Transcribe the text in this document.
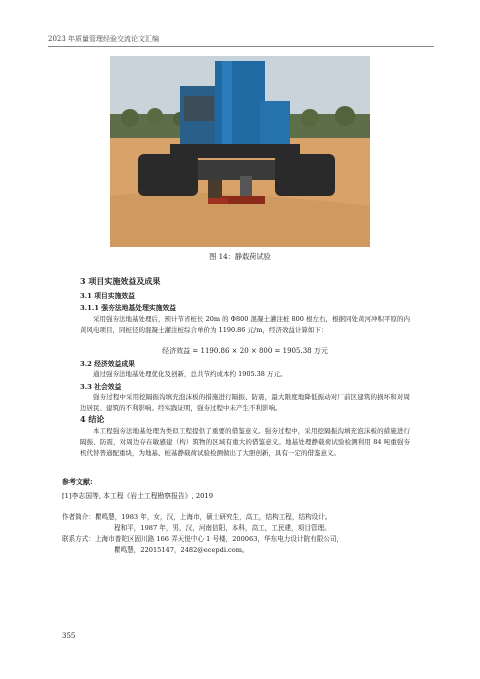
2023 年质量管理经验交流论文汇编
图 14：静载荷试验
3 项目实施效益及成果
3.1 项目实施效益
3.1.1 强夯法地基处理实施效益
采用强夯法地基处理后，预计节省桩长 20m 的 Φ800 混凝土灌注桩 800 根左右，根据同处黄河冲积平原的内黄风电项目，同桩径的混凝土灌注桩综合单价为 1190.86 元/m，经济效益计算如下：
经济效益 = 1190.86 × 20 × 800 = 1905.38 万元
3.2 经济效益成果
通过强夯法地基处理优化及创新，总共节约成本约 1905.38 万元。
3.3 社会效益
强夯过程中采用挖隔振沟填充泡沫板的措施进行隔振、防震，最大限度地降低振动对厂前区建筑的损坏和对周边居民、建筑的不利影响。经实践证明，强夯过程中未产生不利影响。
4 结论
本工程强夯法地基处理为类似工程提供了重要的借鉴意义。强夯过程中，采用挖隔振沟填充泡沫板的措施进行隔振、防震，对周边存在敏感建（构）筑物的区域有重大的借鉴意义。地基处理静载荷试验检测利用 84 吨重强夯机代替普通配重块，为地基、桩基静载荷试验检测做出了大胆创新，具有一定的借鉴意义。
参考文献:
[1]李志国等, 本工程《岩土工程勘察报告》, 2019
作者简介：瞿鸣慧，1983 年，女，汉，上海市，硕士研究生，高工，结构工程，结构设计。
程和平，1987 年，男，汉，河南信阳，本科，高工，工民建，项目管理。
联系方式：上海市普陀区固川路 166 弄天悦中心 1 号楼，200063，华东电力设计院有限公司，
瞿鸣慧，22015147，2482@ecepdi.com。
355
